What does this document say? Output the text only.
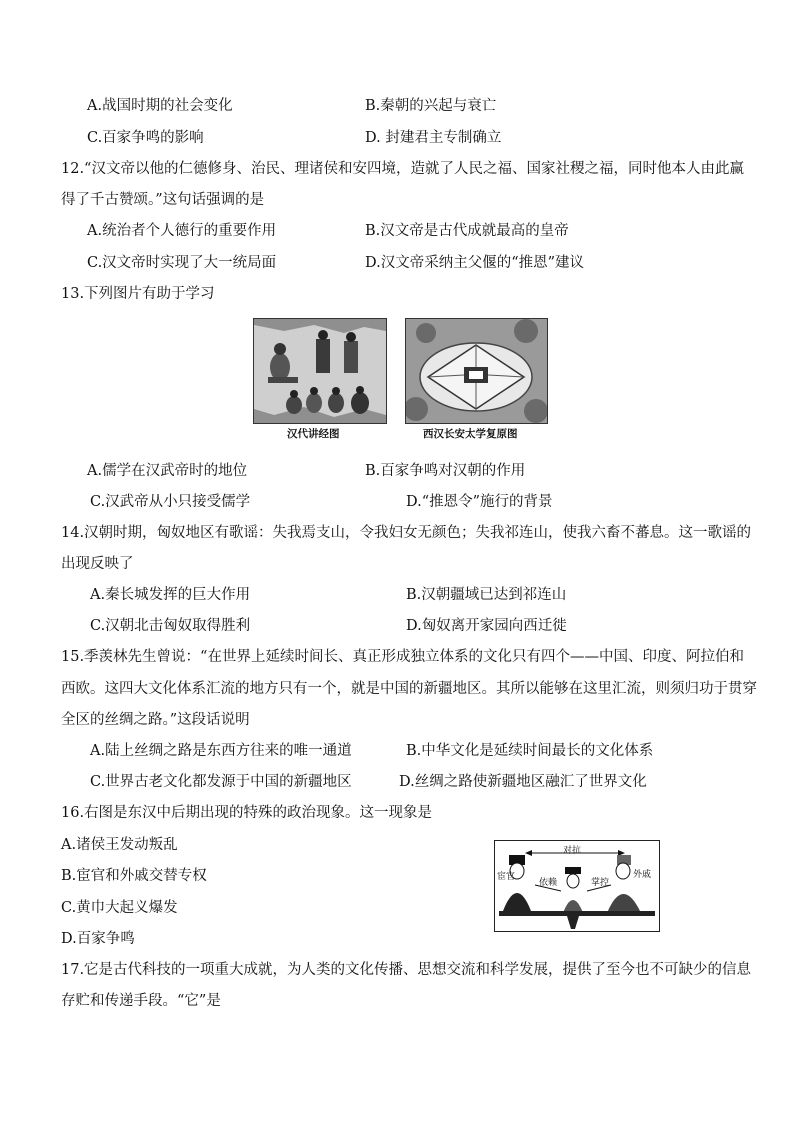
A.战国时期的社会变化	B.秦朝的兴起与衰亡
C.百家争鸣的影响	D. 封建君主专制确立
12.“汉文帝以他的仁德修身、治民、理诸侯和安四境，造就了人民之福、国家社稷之福，同时他本人由此赢
得了千古赞颂。”这句话强调的是
A.统治者个人德行的重要作用	B.汉文帝是古代成就最高的皇帝
C.汉文帝时实现了大一统局面	D.汉文帝采纳主父偃的“推恩”建议
13.下列图片有助于学习
汉代讲经图	西汉长安太学复原图
A.儒学在汉武帝时的地位	B.百家争鸣对汉朝的作用
C.汉武帝从小只接受儒学	D.“推恩令”施行的背景
14.汉朝时期，匈奴地区有歌谣：失我焉支山，令我妇女无颜色；失我祁连山，使我六畜不蕃息。这一歌谣的
出现反映了
A.秦长城发挥的巨大作用	B.汉朝疆域已达到祁连山
C.汉朝北击匈奴取得胜利	D.匈奴离开家园向西迁徙
15.季羡林先生曾说：“在世界上延续时间长、真正形成独立体系的文化只有四个——中国、印度、阿拉伯和
西欧。这四大文化体系汇流的地方只有一个，就是中国的新疆地区。其所以能够在这里汇流，则须归功于贯穿
全区的丝绸之路。”这段话说明
A.陆上丝绸之路是东西方往来的唯一通道	B.中华文化是延续时间最长的文化体系
C.世界古老文化都发源于中国的新疆地区	D.丝绸之路使新疆地区融汇了世界文化
16.右图是东汉中后期出现的特殊的政治现象。这一现象是
A.诸侯王发动叛乱
B.宦官和外戚交替专权
C.黄巾大起义爆发
D.百家争鸣
对抗
宦官
依赖	掌控
外戚
17.它是古代科技的一项重大成就，为人类的文化传播、思想交流和科学发展，提供了至今也不可缺少的信息
存贮和传递手段。“它”是
